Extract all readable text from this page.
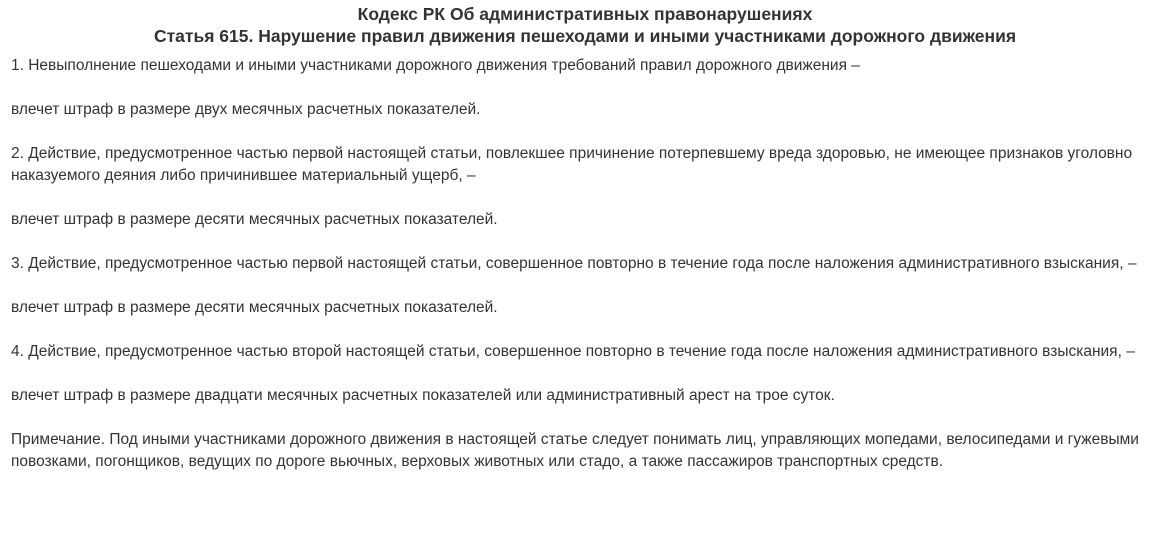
Кодекс РК Об административных правонарушениях
Статья 615. Нарушение правил движения пешеходами и иными участниками дорожного движения

1. Невыполнение пешеходами и иными участниками дорожного движения требований правил дорожного движения –

влечет штраф в размере двух месячных расчетных показателей.

2. Действие, предусмотренное частью первой настоящей статьи, повлекшее причинение потерпевшему вреда здоровью, не имеющее признаков уголовно наказуемого деяния либо причинившее материальный ущерб, –

влечет штраф в размере десяти месячных расчетных показателей.

3. Действие, предусмотренное частью первой настоящей статьи, совершенное повторно в течение года после наложения административного взыскания, –

влечет штраф в размере десяти месячных расчетных показателей.

4. Действие, предусмотренное частью второй настоящей статьи, совершенное повторно в течение года после наложения административного взыскания, –

влечет штраф в размере двадцати месячных расчетных показателей или административный арест на трое суток.

Примечание. Под иными участниками дорожного движения в настоящей статье следует понимать лиц, управляющих мопедами, велосипедами и гужевыми повозками, погонщиков, ведущих по дороге вьючных, верховых животных или стадо, а также пассажиров транспортных средств.
